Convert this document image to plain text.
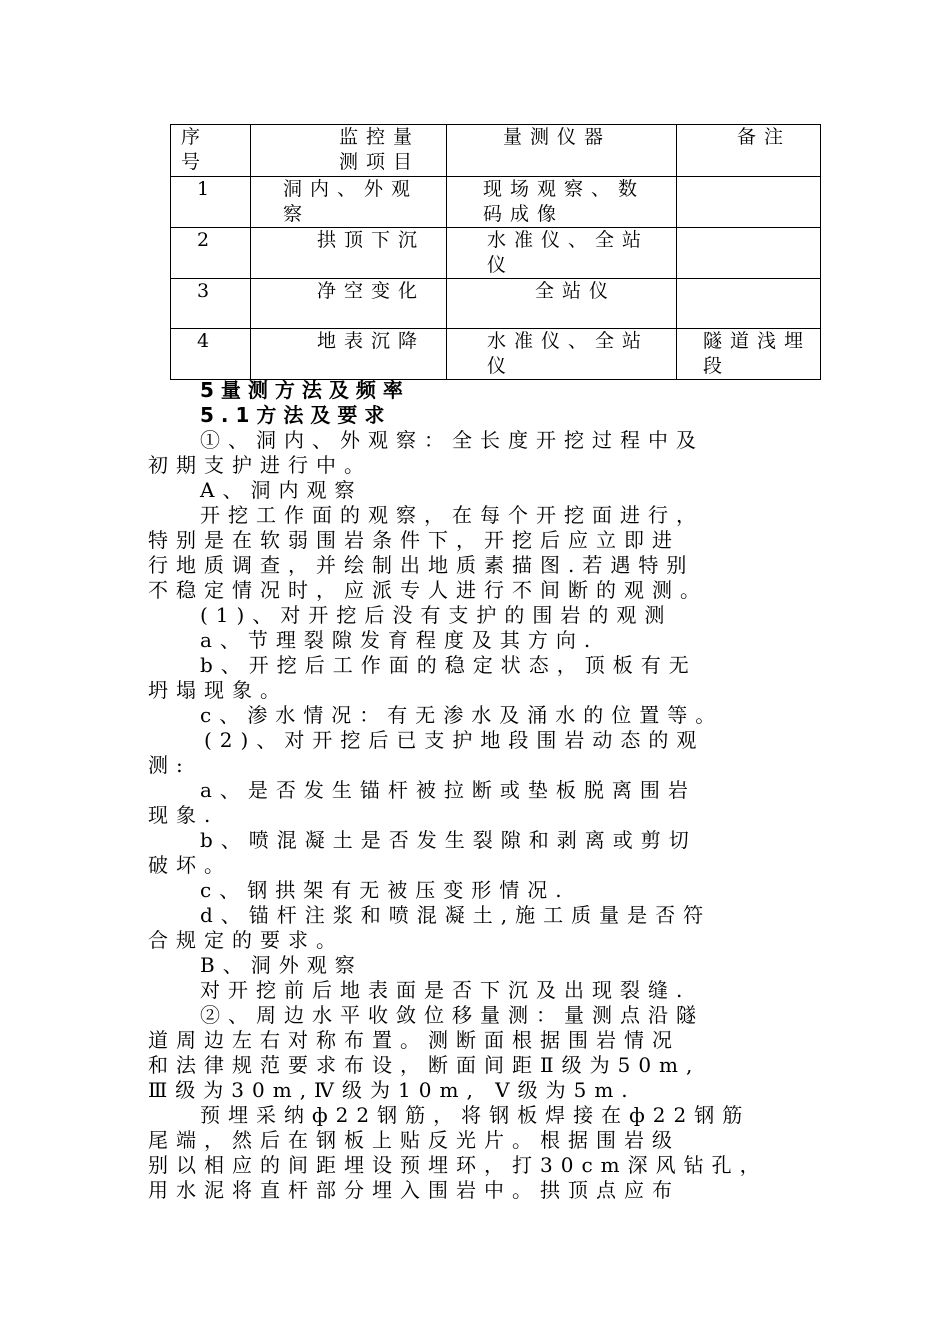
序号	监控量测项目	量测仪器	备注

1	洞内、外观察	现场观察、数码成像	

2	拱顶下沉	水准仪、全站仪	

3	净空变化	全站仪	

4	地表沉降	水准仪、全站仪	隧道浅埋段
5量测方法及频率
5.1方法及要求
①、洞内、外观察：全长度开挖过程中及
初期支护进行中。
A、洞内观察
开挖工作面的观察，在每个开挖面进行，
特别是在软弱围岩条件下，开挖后应立即进
行地质调查，并绘制出地质素描图.若遇特别
不稳定情况时，应派专人进行不间断的观测。
(1)、对开挖后没有支护的围岩的观测
a、节理裂隙发育程度及其方向.
b、开挖后工作面的稳定状态，顶板有无
坍塌现象。
c、渗水情况：有无渗水及涌水的位置等。
(2)、对开挖后已支护地段围岩动态的观
测:
a、是否发生锚杆被拉断或垫板脱离围岩
现象.
b、喷混凝土是否发生裂隙和剥离或剪切
破坏。
c、钢拱架有无被压变形情况.
d、锚杆注浆和喷混凝土,施工质量是否符
合规定的要求。
B、洞外观察
对开挖前后地表面是否下沉及出现裂缝.
②、周边水平收敛位移量测：量测点沿隧
道周边左右对称布置。测断面根据围岩情况
和法律规范要求布设，断面间距Ⅱ级为50m,
Ⅲ级为30m,Ⅳ级为10m, Ⅴ级为5m.
预埋采纳ф22钢筋，将钢板焊接在ф22钢筋
尾端，然后在钢板上贴反光片。根据围岩级
别以相应的间距埋设预埋环，打30cm深风钻孔，
用水泥将直杆部分埋入围岩中。拱顶点应布
